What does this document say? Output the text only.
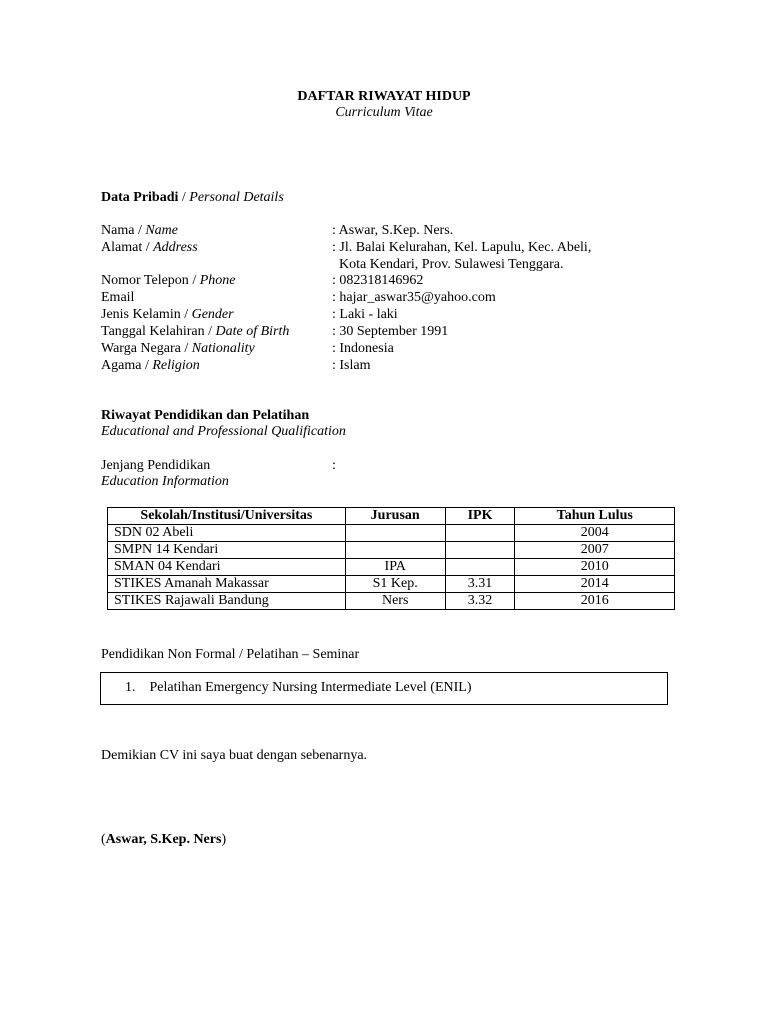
DAFTAR RIWAYAT HIDUP
Curriculum Vitae
Data Pribadi / Personal Details
Nama / Name	: Aswar, S.Kep. Ners.
Alamat / Address	: Jl. Balai Kelurahan, Kel. Lapulu, Kec. Abeli,
Kota Kendari, Prov. Sulawesi Tenggara.
Nomor Telepon / Phone	: 082318146962
Email	: hajar_aswar35@yahoo.com
Jenis Kelamin / Gender	: Laki - laki
Tanggal Kelahiran / Date of Birth	: 30 September 1991
Warga Negara / Nationality	: Indonesia
Agama / Religion	: Islam
Riwayat Pendidikan dan Pelatihan
Educational and Professional Qualification
Jenjang Pendidikan	:
Education Information
Sekolah/Institusi/Universitas	Jurusan	IPK	Tahun Lulus
SDN 02 Abeli			2004
SMPN 14 Kendari			2007
SMAN 04 Kendari	IPA		2010
STIKES Amanah Makassar	S1 Kep.	3.31	2014
STIKES Rajawali Bandung	Ners	3.32	2016
Pendidikan Non Formal / Pelatihan – Seminar
1.    Pelatihan Emergency Nursing Intermediate Level (ENIL)
Demikian CV ini saya buat dengan sebenarnya.
(Aswar, S.Kep. Ners)
